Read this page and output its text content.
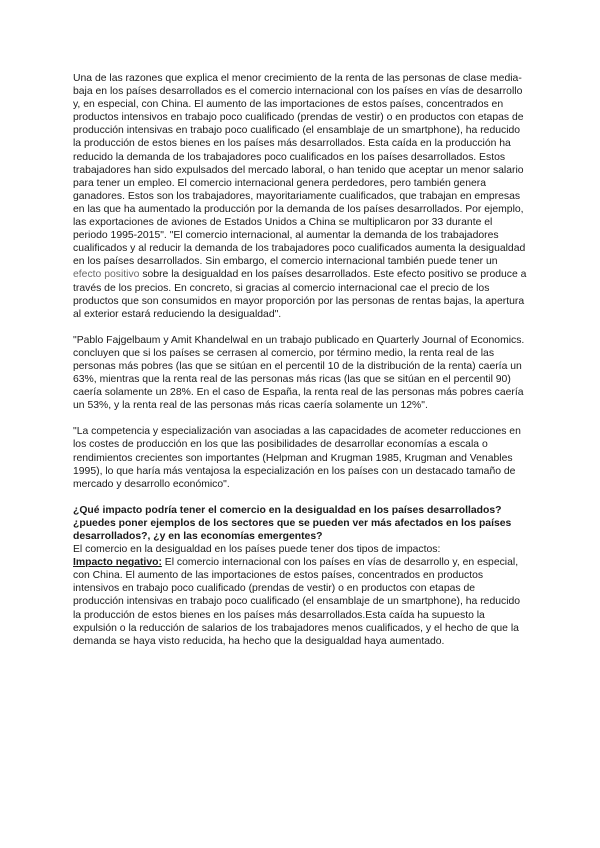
Una de las razones que explica el menor crecimiento de la renta de las personas de clase media-baja en los países desarrollados es el comercio internacional con los países en vías de desarrollo y, en especial, con China. El aumento de las importaciones de estos países, concentrados en productos intensivos en trabajo poco cualificado (prendas de vestir) o en productos con etapas de producción intensivas en trabajo poco cualificado (el ensamblaje de un smartphone), ha reducido la producción de estos bienes en los países más desarrollados. Esta caída en la producción ha reducido la demanda de los trabajadores poco cualificados en los países desarrollados. Estos trabajadores han sido expulsados del mercado laboral, o han tenido que aceptar un menor salario para tener un empleo. El comercio internacional genera perdedores, pero también genera ganadores. Estos son los trabajadores, mayoritariamente cualificados, que trabajan en empresas en las que ha aumentado la producción por la demanda de los países desarrollados. Por ejemplo, las exportaciones de aviones de Estados Unidos a China se multiplicaron por 33 durante el periodo 1995-2015". "El comercio internacional, al aumentar la demanda de los trabajadores cualificados y al reducir la demanda de los trabajadores poco cualificados aumenta la desigualdad en los países desarrollados. Sin embargo, el comercio internacional también puede tener un efecto positivo sobre la desigualdad en los países desarrollados. Este efecto positivo se produce a través de los precios. En concreto, si gracias al comercio internacional cae el precio de los productos que son consumidos en mayor proporción por las personas de rentas bajas, la apertura al exterior estará reduciendo la desigualdad".

"Pablo Fajgelbaum y Amit Khandelwal en un trabajo publicado en Quarterly Journal of Economics. concluyen que si los países se cerrasen al comercio, por término medio, la renta real de las personas más pobres (las que se sitúan en el percentil 10 de la distribución de la renta) caería un 63%, mientras que la renta real de las personas más ricas (las que se sitúan en el percentil 90) caería solamente un 28%. En el caso de España, la renta real de las personas más pobres caería un 53%, y la renta real de las personas más ricas caería solamente un 12%".

"La competencia y especialización van asociadas a las capacidades de acometer reducciones en los costes de producción en los que las posibilidades de desarrollar economías a escala o rendimientos crecientes son importantes (Helpman and Krugman 1985, Krugman and Venables 1995), lo que haría más ventajosa la especialización en los países con un destacado tamaño de mercado y desarrollo económico".

¿Qué impacto podría tener el comercio en la desigualdad en los países desarrollados? ¿puedes poner ejemplos de los sectores que se pueden ver más afectados en los países desarrollados?, ¿y en las economías emergentes?

El comercio en la desigualdad en los países puede tener dos tipos de impactos:

Impacto negativo: El comercio internacional con los países en vías de desarrollo y, en especial, con China. El aumento de las importaciones de estos países, concentrados en productos intensivos en trabajo poco cualificado (prendas de vestir) o en productos con etapas de producción intensivas en trabajo poco cualificado (el ensamblaje de un smartphone), ha reducido la producción de estos bienes en los países más desarrollados.Esta caída ha supuesto la expulsión o la reducción de salarios de los trabajadores menos cualificados, y el hecho de que la demanda se haya visto reducida, ha hecho que la desigualdad haya aumentado.
